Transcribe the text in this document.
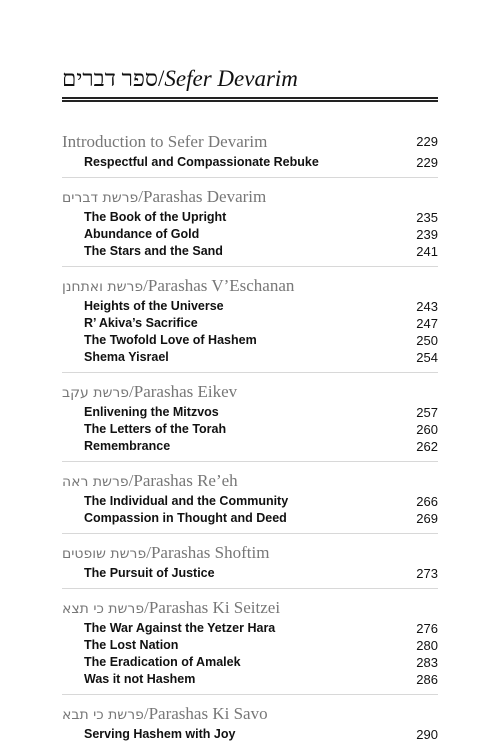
ספר דברים/Sefer Devarim
Introduction to Sefer Devarim	229
Respectful and Compassionate Rebuke	229
פרשת דברים/Parashas Devarim
The Book of the Upright	235
Abundance of Gold	239
The Stars and the Sand	241
פרשת ואתחנן/Parashas V’Eschanan
Heights of the Universe	243
R’ Akiva’s Sacrifice	247
The Twofold Love of Hashem	250
Shema Yisrael	254
פרשת עקב/Parashas Eikev
Enlivening the Mitzvos	257
The Letters of the Torah	260
Remembrance	262
פרשת ראה/Parashas Re’eh
The Individual and the Community	266
Compassion in Thought and Deed	269
פרשת שופטים/Parashas Shoftim
The Pursuit of Justice	273
פרשת כי תצא/Parashas Ki Seitzei
The War Against the Yetzer Hara	276
The Lost Nation	280
The Eradication of Amalek	283
Was it not Hashem	286
פרשת כי תבא/Parashas Ki Savo
Serving Hashem with Joy	290
